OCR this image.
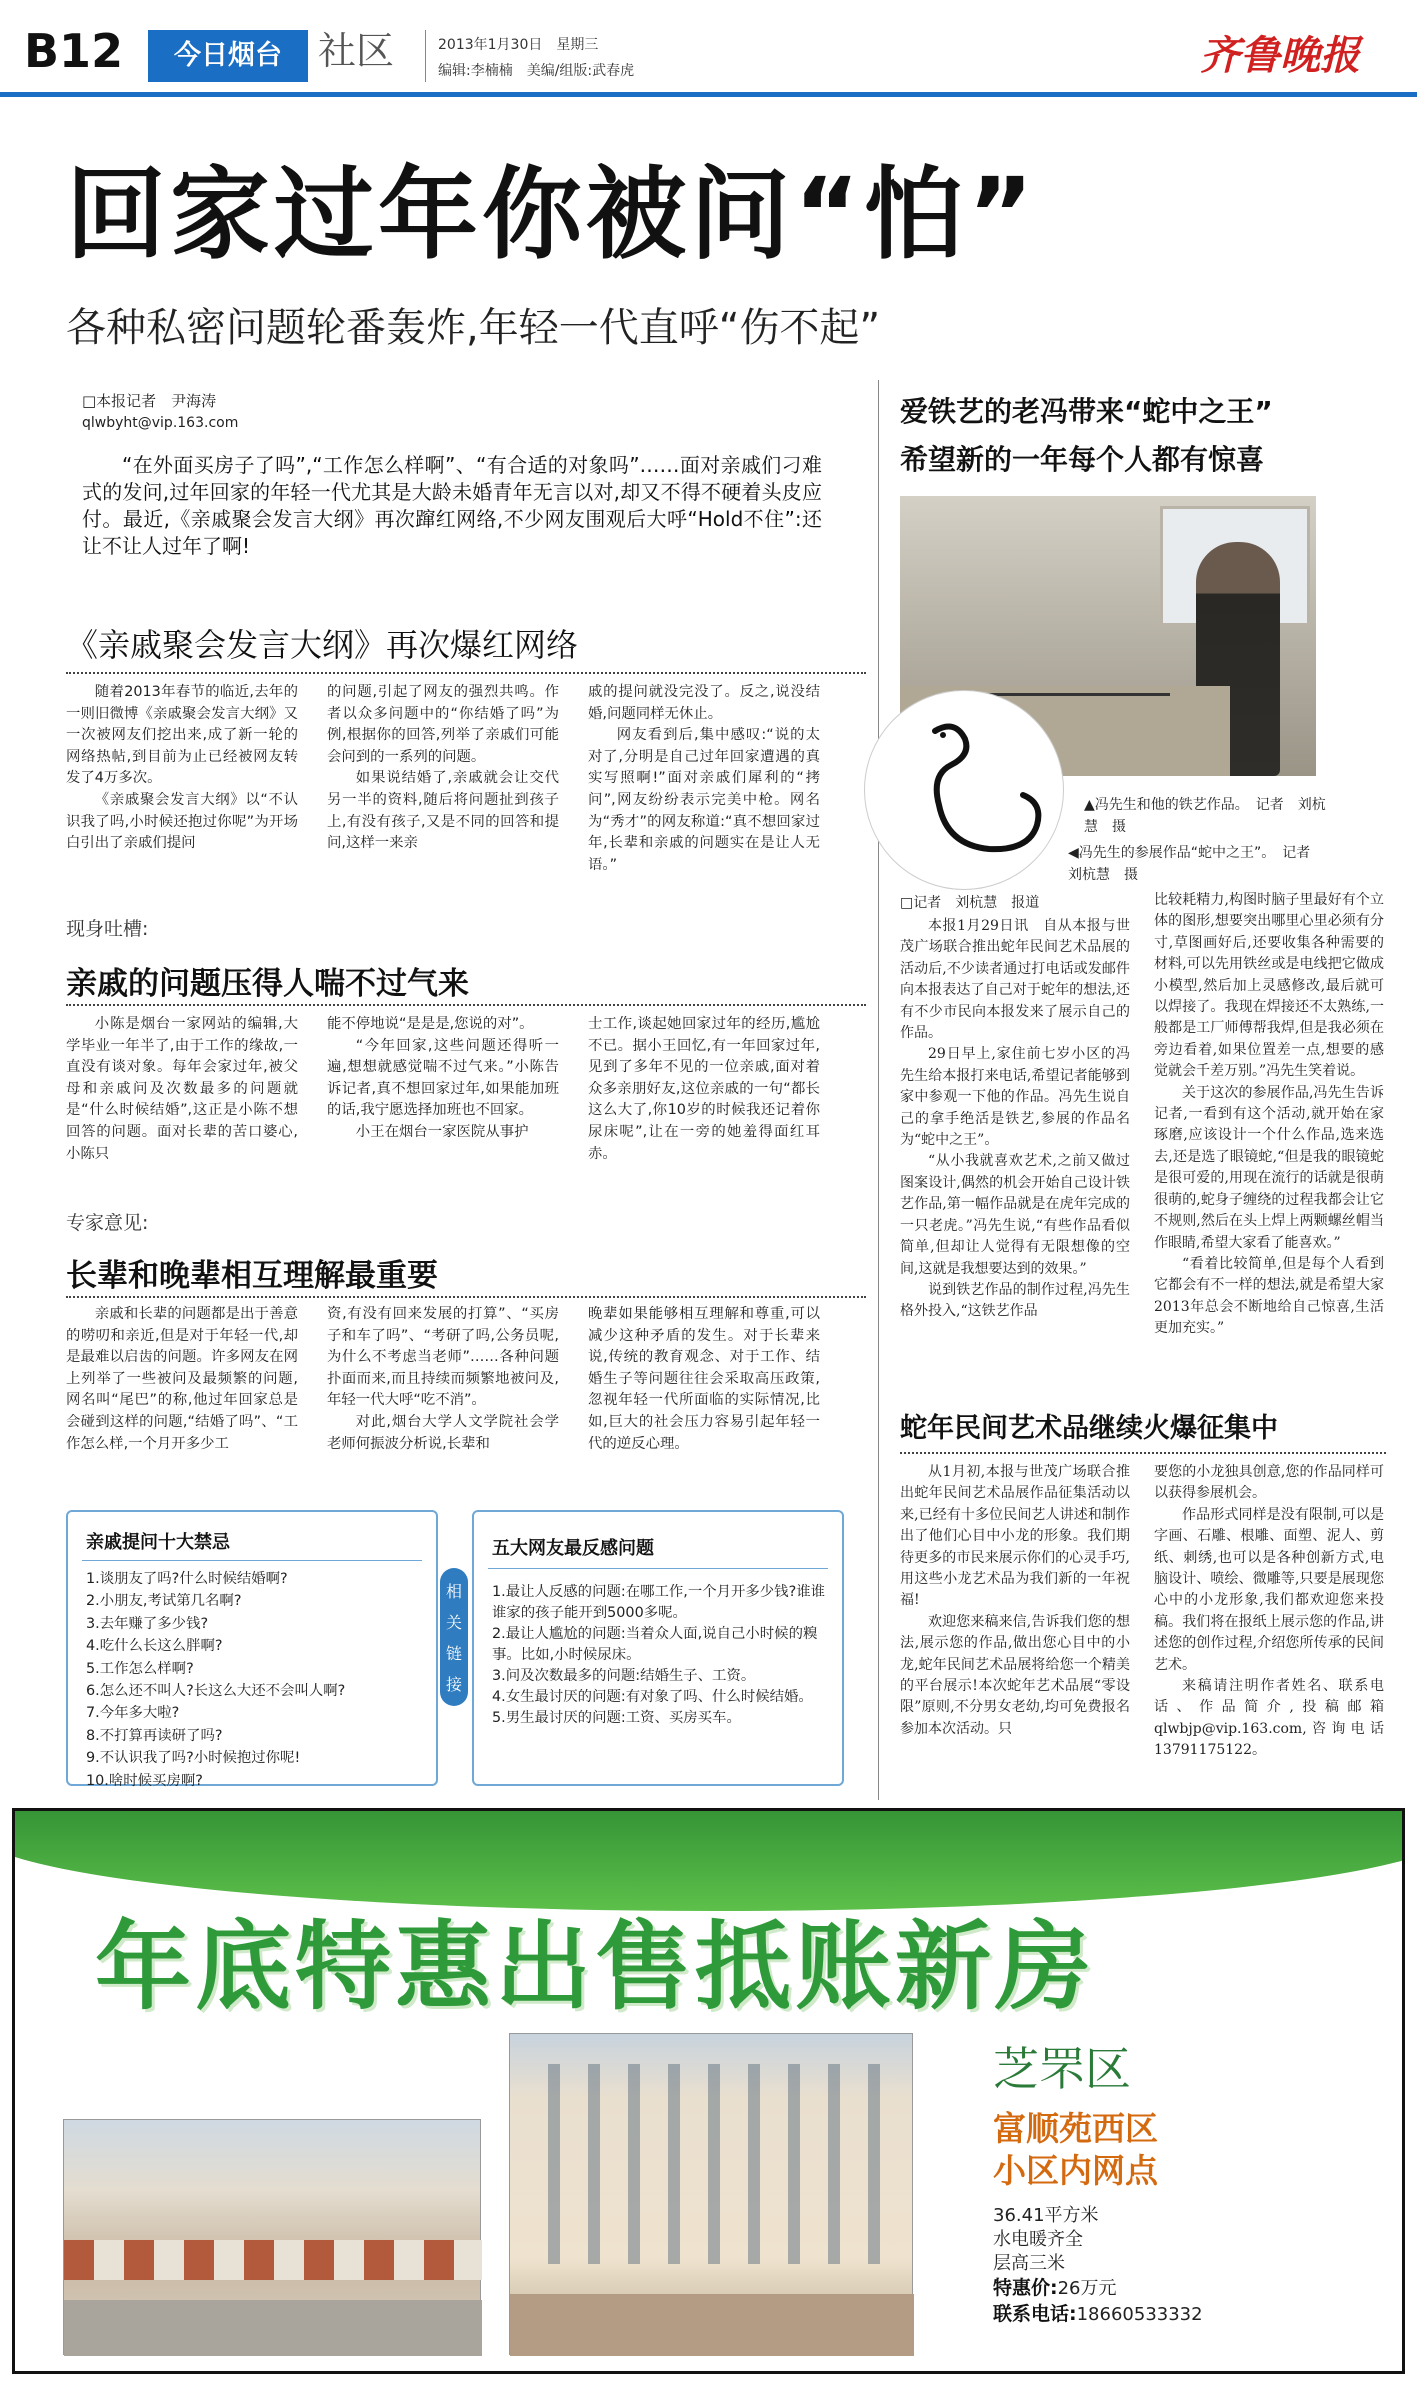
B12	今日烟台 社区	2013年1月30日　星期三
编辑:李楠楠　美编/组版:武春虎	齐鲁晚报
回家过年你被问“怕”
各种私密问题轮番轰炸,年轻一代直呼“伤不起”
□本报记者　尹海涛
qlwbyht@vip.163.com
“在外面买房子了吗”,“工作怎么样啊”、“有合适的对象吗”……面对亲戚们刁难式的发问,过年回家的年轻一代尤其是大龄未婚青年无言以对,却又不得不硬着头皮应付。最近,《亲戚聚会发言大纲》再次蹿红网络,不少网友围观后大呼“Hold不住”:还让不让人过年了啊!
《亲戚聚会发言大纲》再次爆红网络

随着2013年春节的临近,去年的一则旧微博《亲戚聚会发言大纲》又一次被网友们挖出来,成了新一轮的网络热帖,到目前为止已经被网友转发了4万多次。

《亲戚聚会发言大纲》以“不认识我了吗,小时候还抱过你呢”为开场白引出了亲戚们提问

的问题,引起了网友的强烈共鸣。作者以众多问题中的“你结婚了吗”为例,根据你的回答,列举了亲戚们可能会问到的一系列的问题。

如果说结婚了,亲戚就会让交代另一半的资料,随后将问题扯到孩子上,有没有孩子,又是不同的回答和提问,这样一来亲

戚的提问就没完没了。反之,说没结婚,问题同样无休止。

网友看到后,集中感叹:“说的太对了,分明是自己过年回家遭遇的真实写照啊!”面对亲戚们犀利的“拷问”,网友纷纷表示完美中枪。网名为“秀才”的网友称道:“真不想回家过年,长辈和亲戚的问题实在是让人无语。”

现身吐槽:
亲戚的问题压得人喘不过气来

小陈是烟台一家网站的编辑,大学毕业一年半了,由于工作的缘故,一直没有谈对象。每年会家过年,被父母和亲戚问及次数最多的问题就是“什么时候结婚”,这正是小陈不想回答的问题。面对长辈的苦口婆心,小陈只

能不停地说“是是是,您说的对”。

“今年回家,这些问题还得听一遍,想想就感觉喘不过气来。”小陈告诉记者,真不想回家过年,如果能加班的话,我宁愿选择加班也不回家。

小王在烟台一家医院从事护

士工作,谈起她回家过年的经历,尴尬不已。据小王回忆,有一年回家过年,见到了多年不见的一位亲戚,面对着众多亲朋好友,这位亲戚的一句“都长这么大了,你10岁的时候我还记着你尿床呢”,让在一旁的她羞得面红耳赤。

专家意见:
长辈和晚辈相互理解最重要

亲戚和长辈的问题都是出于善意的唠叨和亲近,但是对于年轻一代,却是最难以启齿的问题。许多网友在网上列举了一些被问及最频繁的问题,网名叫“尾巴”的称,他过年回家总是会碰到这样的问题,“结婚了吗”、“工作怎么样,一个月开多少工

资,有没有回来发展的打算”、“买房子和车了吗”、“考研了吗,公务员呢,为什么不考虑当老师”……各种问题扑面而来,而且持续而频繁地被问及,年轻一代大呼“吃不消”。

对此,烟台大学人文学院社会学老师何振波分析说,长辈和

晚辈如果能够相互理解和尊重,可以减少这种矛盾的发生。对于长辈来说,传统的教育观念、对于工作、结婚生子等问题往往会采取高压政策,忽视年轻一代所面临的实际情况,比如,巨大的社会压力容易引起年轻一代的逆反心理。

亲戚提问十大禁忌
1.谈朋友了吗?什么时候结婚啊?
2.小朋友,考试第几名啊?
3.去年赚了多少钱?
4.吃什么长这么胖啊?
5.工作怎么样啊?
6.怎么还不叫人?长这么大还不会叫人啊?
7.今年多大啦?
8.不打算再读研了吗?
9.不认识我了吗?小时候抱过你呢!
10.啥时候买房啊?
相
关
链
接
五大网友最反感问题
1.最让人反感的问题:在哪工作,一个月开多少钱?谁谁谁家的孩子能开到5000多呢。
2.最让人尴尬的问题:当着众人面,说自己小时候的糗事。比如,小时候尿床。
3.问及次数最多的问题:结婚生子、工资。
4.女生最讨厌的问题:有对象了吗、什么时候结婚。
5.男生最讨厌的问题:工资、买房买车。
爱铁艺的老冯带来“蛇中之王”
希望新的一年每个人都有惊喜
▲冯先生和他的铁艺作品。　记者　刘杭慧　摄
◀冯先生的参展作品“蛇中之王”。　记者　刘杭慧　摄
□记者　刘杭慧　报道

本报1月29日讯　自从本报与世茂广场联合推出蛇年民间艺术品展的活动后,不少读者通过打电话或发邮件向本报表达了自己对于蛇年的想法,还有不少市民向本报发来了展示自己的作品。

29日早上,家住前七岁小区的冯先生给本报打来电话,希望记者能够到家中参观一下他的作品。冯先生说自己的拿手绝活是铁艺,参展的作品名为“蛇中之王”。

“从小我就喜欢艺术,之前又做过图案设计,偶然的机会开始自己设计铁艺作品,第一幅作品就是在虎年完成的一只老虎。”冯先生说,“有些作品看似简单,但却让人觉得有无限想像的空间,这就是我想要达到的效果。”

说到铁艺作品的制作过程,冯先生格外投入,“这铁艺作品

比较耗精力,构图时脑子里最好有个立体的图形,想要突出哪里心里必须有分寸,草图画好后,还要收集各种需要的材料,可以先用铁丝或是电线把它做成小模型,然后加上灵感修改,最后就可以焊接了。我现在焊接还不太熟练,一般都是工厂师傅帮我焊,但是我必须在旁边看着,如果位置差一点,想要的感觉就会千差万别。”冯先生笑着说。

关于这次的参展作品,冯先生告诉记者,一看到有这个活动,就开始在家琢磨,应该设计一个什么作品,选来选去,还是选了眼镜蛇,“但是我的眼镜蛇是很可爱的,用现在流行的话就是很萌很萌的,蛇身子缠绕的过程我都会让它不规则,然后在头上焊上两颗螺丝帽当作眼睛,希望大家看了能喜欢。”

“看着比较简单,但是每个人看到它都会有不一样的想法,就是希望大家2013年总会不断地给自己惊喜,生活更加充实。”

蛇年民间艺术品继续火爆征集中

从1月初,本报与世茂广场联合推出蛇年民间艺术品展作品征集活动以来,已经有十多位民间艺人讲述和制作出了他们心目中小龙的形象。我们期待更多的市民来展示你们的心灵手巧,用这些小龙艺术品为我们新的一年祝福!

欢迎您来稿来信,告诉我们您的想法,展示您的作品,做出您心目中的小龙,蛇年民间艺术品展将给您一个精美的平台展示!本次蛇年艺术品展“零设限”原则,不分男女老幼,均可免费报名参加本次活动。只

要您的小龙独具创意,您的作品同样可以获得参展机会。

作品形式同样是没有限制,可以是字画、石雕、根雕、面塑、泥人、剪纸、刺绣,也可以是各种创新方式,电脑设计、喷绘、微雕等,只要是展现您心中的小龙形象,我们都欢迎您来投稿。我们将在报纸上展示您的作品,讲述您的创作过程,介绍您所传承的民间艺术。

来稿请注明作者姓名、联系电话、作品简介,投稿邮箱qlwbjp@vip.163.com,咨询电话13791175122。

年底特惠出售抵账新房
芝罘区
富顺苑西区
小区内网点
36.41平方米
水电暖齐全
层高三米
特惠价:26万元
联系电话:18660533332
